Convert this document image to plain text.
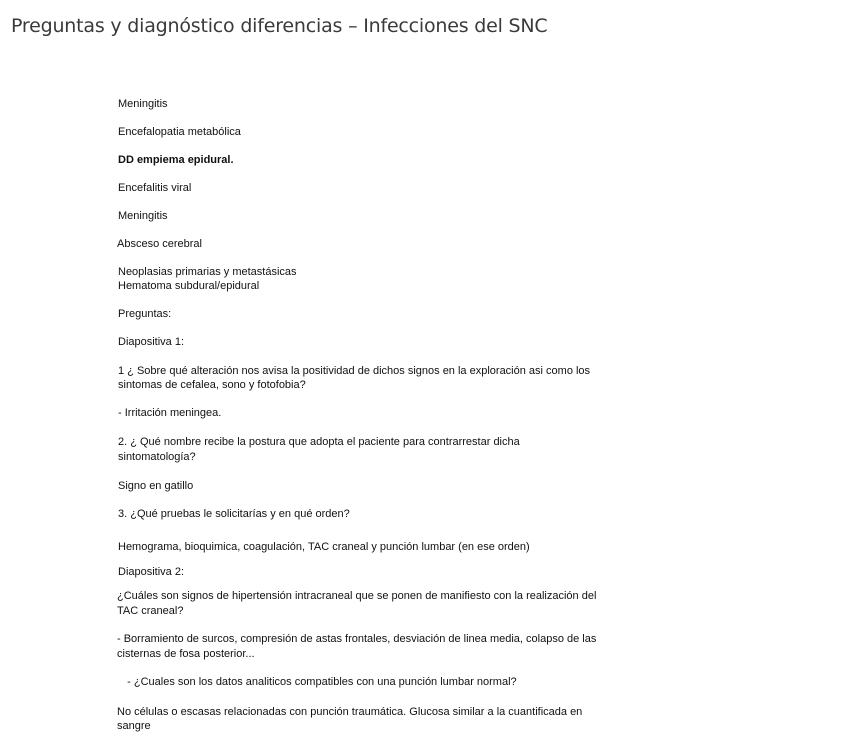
Preguntas y diagnóstico diferencias – Infecciones del SNC
Meningitis
Encefalopatia metabólica
DD empiema epidural.
Encefalitis viral
Meningitis
Absceso cerebral
Neoplasias primarias y metastásicas
Hematoma subdural/epidural
Preguntas:
Diapositiva 1:
1 ¿ Sobre qué alteración nos avisa la positividad de dichos signos en la exploración asi como los
sintomas de cefalea, sono y fotofobia?
- Irritación meningea.
2. ¿ Qué nombre recibe la postura que adopta el paciente para contrarrestar dicha
sintomatología?
Signo en gatillo
3. ¿Qué pruebas le solicitarías y en qué orden?
Hemograma, bioquimica, coagulación, TAC craneal y punción lumbar (en ese orden)
Diapositiva 2:
¿Cuáles son signos de hipertensión intracraneal que se ponen de manifiesto con la realización del
TAC craneal?
- Borramiento de surcos, compresión de astas frontales, desviación de linea media, colapso de las
cisternas de fosa posterior...
- ¿Cuales son los datos analiticos compatibles con una punción lumbar normal?
No células o escasas relacionadas con punción traumática. Glucosa similar a la cuantificada en
sangre
